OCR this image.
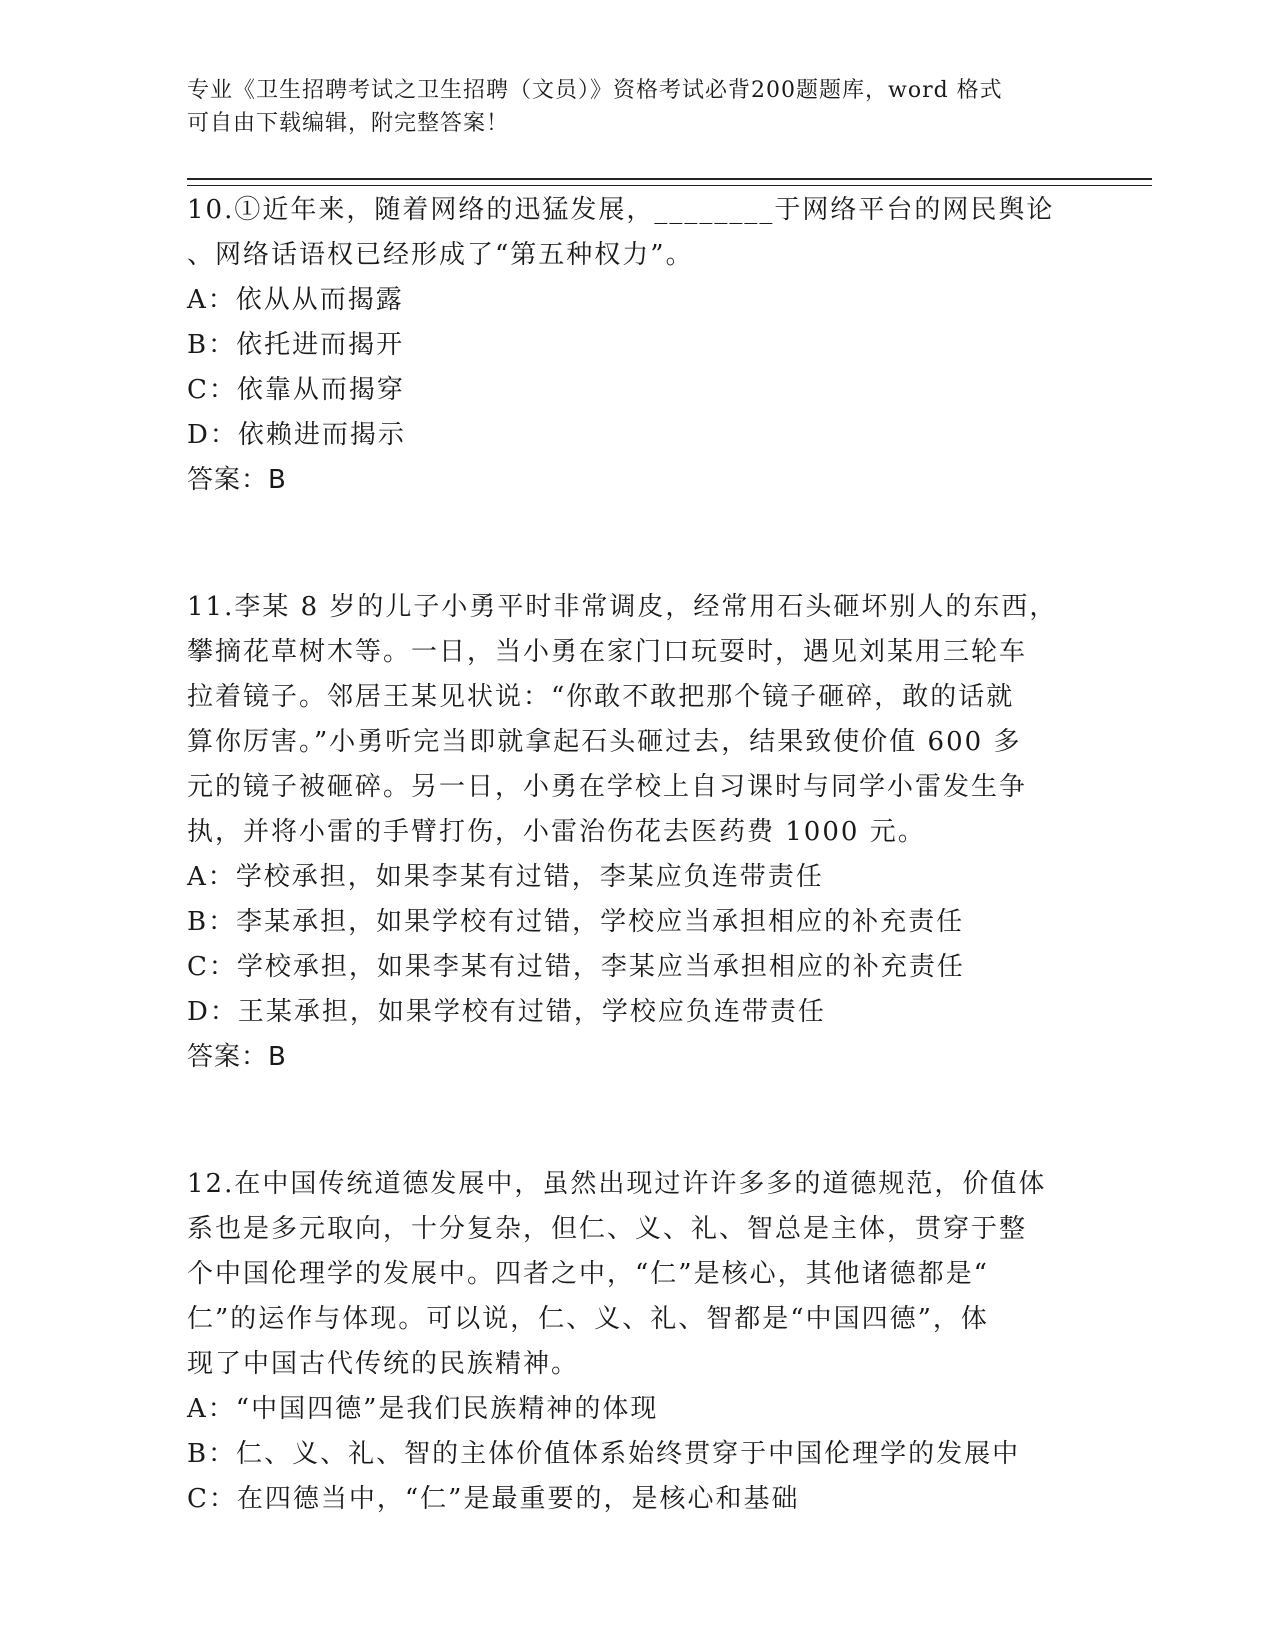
专业《卫生招聘考试之卫生招聘（文员）》资格考试必背200题题库，word 格式
可自由下载编辑，附完整答案！
10.①近年来，随着网络的迅猛发展，________于网络平台的网民舆论
、网络话语权已经形成了“第五种权力”。
A：依从从而揭露
B：依托进而揭开
C：依靠从而揭穿
D：依赖进而揭示
答案：B
11.李某 8 岁的儿子小勇平时非常调皮，经常用石头砸坏别人的东西，
攀摘花草树木等。一日，当小勇在家门口玩耍时，遇见刘某用三轮车
拉着镜子。邻居王某见状说：“你敢不敢把那个镜子砸碎，敢的话就
算你厉害。”小勇听完当即就拿起石头砸过去，结果致使价值 600 多
元的镜子被砸碎。另一日，小勇在学校上自习课时与同学小雷发生争
执，并将小雷的手臂打伤，小雷治伤花去医药费 1000 元。
A：学校承担，如果李某有过错，李某应负连带责任
B：李某承担，如果学校有过错，学校应当承担相应的补充责任
C：学校承担，如果李某有过错，李某应当承担相应的补充责任
D：王某承担，如果学校有过错，学校应负连带责任
答案：B
12.在中国传统道德发展中，虽然出现过许许多多的道德规范，价值体
系也是多元取向，十分复杂，但仁、义、礼、智总是主体，贯穿于整
个中国伦理学的发展中。四者之中，“仁”是核心，其他诸德都是“
仁”的运作与体现。可以说，仁、义、礼、智都是“中国四德”，体
现了中国古代传统的民族精神。
A：“中国四德”是我们民族精神的体现
B：仁、义、礼、智的主体价值体系始终贯穿于中国伦理学的发展中
C：在四德当中，“仁”是最重要的，是核心和基础
